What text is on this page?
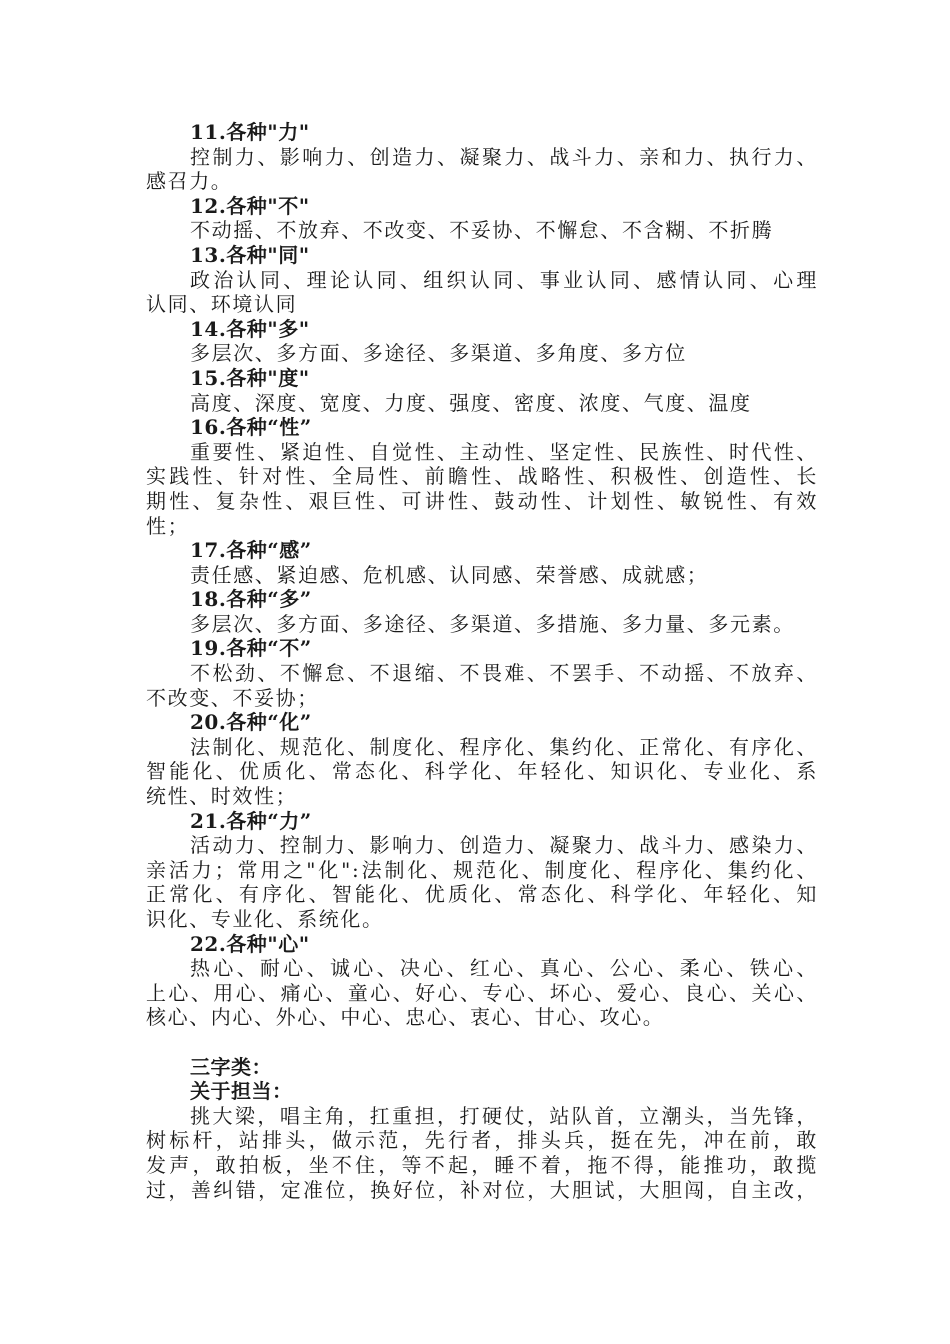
11.各种"力"
控制力、影响力、创造力、凝聚力、战斗力、亲和力、执行力、
感召力。
12.各种"不"
不动摇、不放弃、不改变、不妥协、不懈怠、不含糊、不折腾
13.各种"同"
政治认同、理论认同、组织认同、事业认同、感情认同、心理
认同、环境认同
14.各种"多"
多层次、多方面、多途径、多渠道、多角度、多方位
15.各种"度"
高度、深度、宽度、力度、强度、密度、浓度、气度、温度
16.各种“性”
重要性、紧迫性、自觉性、主动性、坚定性、民族性、时代性、
实践性、针对性、全局性、前瞻性、战略性、积极性、创造性、长
期性、复杂性、艰巨性、可讲性、鼓动性、计划性、敏锐性、有效
性；
17.各种“感”
责任感、紧迫感、危机感、认同感、荣誉感、成就感；
18.各种“多”
多层次、多方面、多途径、多渠道、多措施、多力量、多元素。
19.各种“不”
不松劲、不懈怠、不退缩、不畏难、不罢手、不动摇、不放弃、
不改变、不妥协；
20.各种“化”
法制化、规范化、制度化、程序化、集约化、正常化、有序化、
智能化、优质化、常态化、科学化、年轻化、知识化、专业化、系
统性、时效性；
21.各种“力”
活动力、控制力、影响力、创造力、凝聚力、战斗力、感染力、
亲活力；常用之"化":法制化、规范化、制度化、程序化、集约化、
正常化、有序化、智能化、优质化、常态化、科学化、年轻化、知
识化、专业化、系统化。
22.各种"心"
热心、耐心、诚心、决心、红心、真心、公心、柔心、铁心、
上心、用心、痛心、童心、好心、专心、坏心、爱心、良心、关心、
核心、内心、外心、中心、忠心、衷心、甘心、攻心。
三字类：
关于担当：
挑大梁，唱主角，扛重担，打硬仗，站队首，立潮头，当先锋，
树标杆，站排头，做示范，先行者，排头兵，挺在先，冲在前，敢
发声，敢拍板，坐不住，等不起，睡不着，拖不得，能推功，敢揽
过，善纠错，定准位，换好位，补对位，大胆试，大胆闯，自主改，
